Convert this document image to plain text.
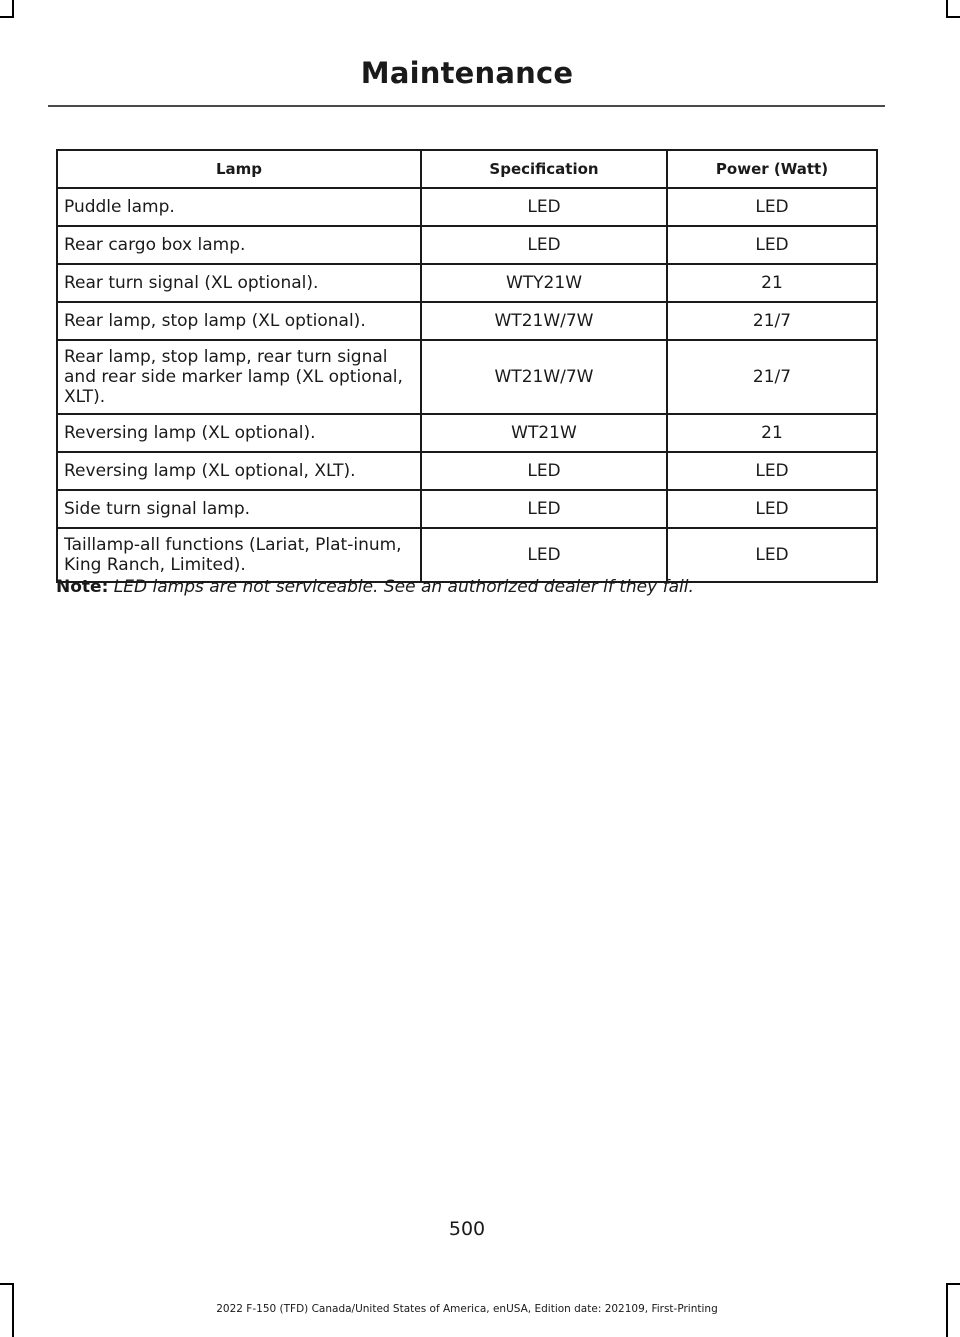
Maintenance
Lamp	Specification	Power (Watt)
Puddle lamp.	LED	LED
Rear cargo box lamp.	LED	LED
Rear turn signal (XL optional).	WTY21W	21
Rear lamp, stop lamp (XL optional).	WT21W/7W	21/7
Rear lamp, stop lamp, rear turn signal and rear side marker lamp (XL optional, XLT).	WT21W/7W	21/7
Reversing lamp (XL optional).	WT21W	21
Reversing lamp (XL optional, XLT).	LED	LED
Side turn signal lamp.	LED	LED
Taillamp-all functions (Lariat, Plat-inum, King Ranch, Limited).	LED	LED
Note: LED lamps are not serviceable. See an authorized dealer if they fail.
500
2022 F-150 (TFD) Canada/United States of America, enUSA, Edition date: 202109, First-Printing
